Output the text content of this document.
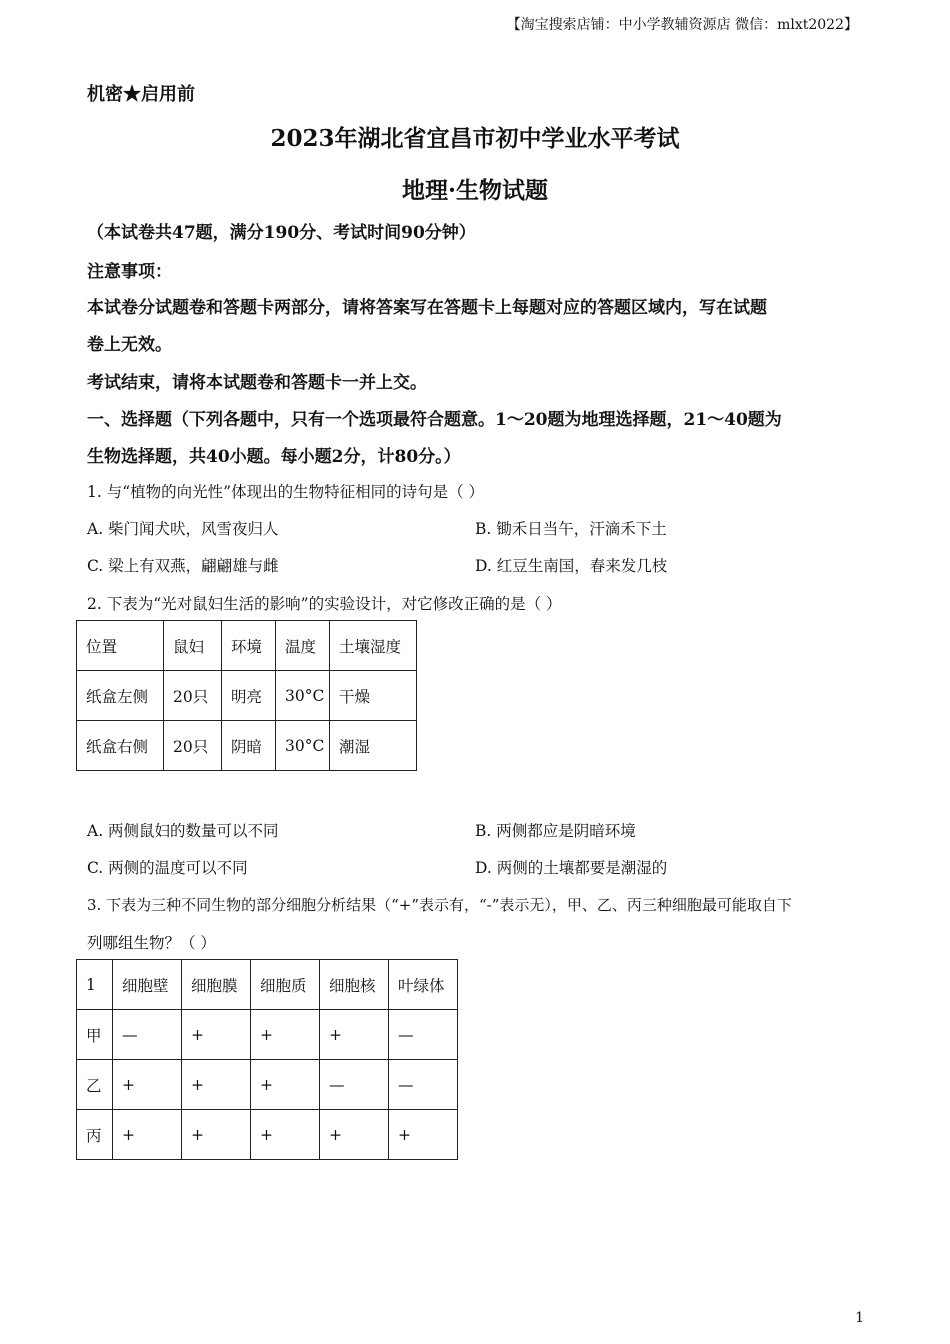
【淘宝搜索店铺：中小学教辅资源店 微信：mlxt2022】
机密★启用前
2023年湖北省宜昌市初中学业水平考试
地理·生物试题
（本试卷共47题，满分190分、考试时间90分钟）
注意事项：
本试卷分试题卷和答题卡两部分，请将答案写在答题卡上每题对应的答题区域内，写在试题
卷上无效。
考试结束，请将本试题卷和答题卡一并上交。
一、选择题（下列各题中，只有一个选项最符合题意。1～20题为地理选择题，21～40题为
生物选择题，共40小题。每小题2分，计80分。）
1. 与“植物的向光性”体现出的生物特征相同的诗句是（ ）
A. 柴门闻犬吠，风雪夜归人	B. 锄禾日当午，汗滴禾下土
C. 梁上有双燕，翩翩雄与雌	D. 红豆生南国，春来发几枝
2. 下表为“光对鼠妇生活的影响”的实验设计，对它修改正确的是（ ）
位置	鼠妇	环境	温度	土壤湿度
纸盒左侧	20只	明亮	30°C	干燥
纸盒右侧	20只	阴暗	30°C	潮湿
A. 两侧鼠妇的数量可以不同	B. 两侧都应是阴暗环境
C. 两侧的温度可以不同	D. 两侧的土壤都要是潮湿的
3. 下表为三种不同生物的部分细胞分析结果（“+”表示有，“-”表示无），甲、乙、丙三种细胞最可能取自下
列哪组生物？（ ）
1	细胞壁	细胞膜	细胞质	细胞核	叶绿体
甲	—	+	+	+	—
乙	+	+	+	—	—
丙	+	+	+	+	+
1
